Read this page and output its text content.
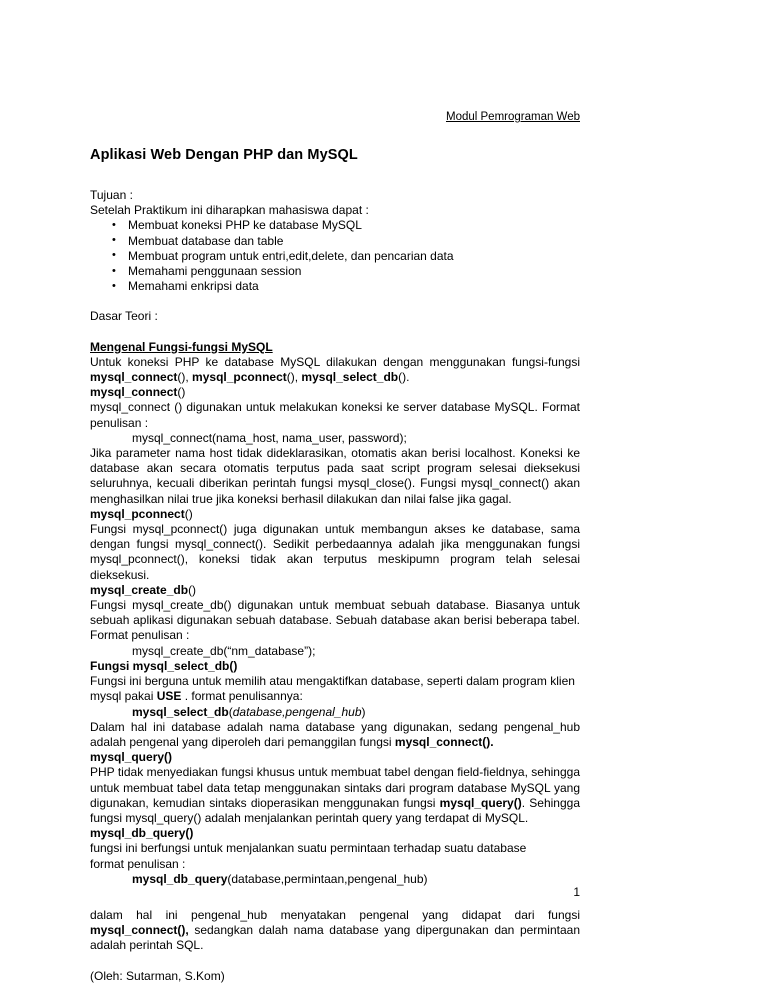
Modul Pemrograman Web
Aplikasi Web Dengan PHP dan MySQL

Tujuan :

Setelah Praktikum ini diharapkan mahasiswa dapat :

• Membuat koneksi PHP ke database MySQL
• Membuat database dan table
• Membuat program untuk entri,edit,delete, dan pencarian data
• Memahami penggunaan session
• Memahami enkripsi data

Dasar Teori :

Mengenal Fungsi-fungsi MySQL

Untuk koneksi PHP ke database MySQL dilakukan dengan menggunakan fungsi-fungsi mysql_connect(), mysql_pconnect(), mysql_select_db().

mysql_connect()

mysql_connect () digunakan untuk melakukan koneksi ke server database MySQL. Format penulisan :

mysql_connect(nama_host, nama_user, password);

Jika parameter nama host tidak dideklarasikan, otomatis akan berisi localhost. Koneksi ke database akan secara otomatis terputus pada saat script program selesai dieksekusi seluruhnya, kecuali diberikan perintah fungsi mysql_close(). Fungsi mysql_connect() akan menghasilkan nilai true jika koneksi berhasil dilakukan dan nilai false jika gagal.

mysql_pconnect()

Fungsi mysql_pconnect() juga digunakan untuk membangun akses ke database, sama dengan fungsi mysql_connect(). Sedikit perbedaannya adalah jika menggunakan fungsi mysql_pconnect(), koneksi tidak akan terputus meskipumn program telah selesai dieksekusi.

mysql_create_db()

Fungsi mysql_create_db() digunakan untuk membuat sebuah database. Biasanya untuk sebuah aplikasi digunakan sebuah database. Sebuah database akan berisi beberapa tabel. Format penulisan :

mysql_create_db(“nm_database”);

Fungsi mysql_select_db()

Fungsi ini berguna untuk memilih atau mengaktifkan database, seperti dalam program klien mysql pakai USE . format penulisannya:

mysql_select_db(database,pengenal_hub)

Dalam hal ini database adalah nama database yang digunakan, sedang pengenal_hub adalah pengenal yang diperoleh dari pemanggilan fungsi mysql_connect().

mysql_query()

PHP tidak menyediakan fungsi khusus untuk membuat tabel dengan field-fieldnya, sehingga untuk membuat tabel data tetap menggunakan sintaks dari program database MySQL yang digunakan, kemudian sintaks dioperasikan menggunakan fungsi mysql_query(). Sehingga fungsi mysql_query() adalah menjalankan perintah query yang terdapat di MySQL.

mysql_db_query()

fungsi ini berfungsi untuk menjalankan suatu permintaan terhadap suatu database

format penulisan :

mysql_db_query(database,permintaan,pengenal_hub)

dalam hal ini pengenal_hub menyatakan pengenal yang didapat dari fungsi mysql_connect(), sedangkan dalah nama database yang dipergunakan dan permintaan adalah perintah SQL.

(Oleh: Sutarman, S.Kom)

1
